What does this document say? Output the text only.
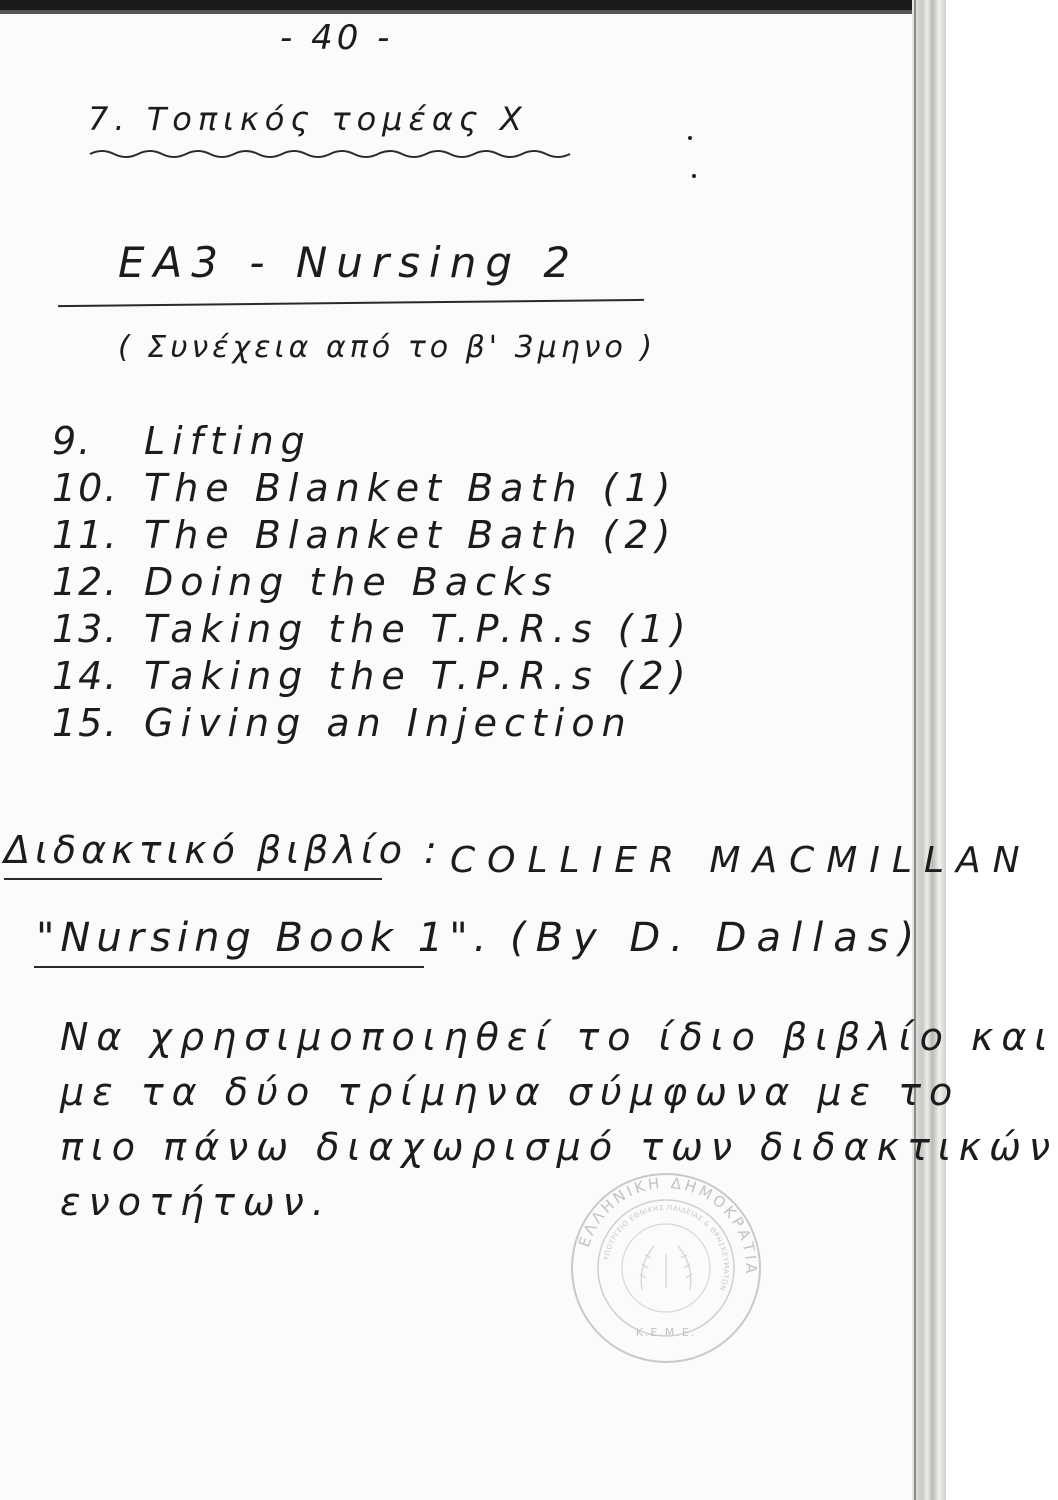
- 40 -
7. Τοπικός τομέας Χ
EA3 - Nursing 2
( Συνέχεια από το β' 3μηνο )
9. Lifting
10. The Blanket Bath (1)
11. The Blanket Bath (2)
12. Doing the Backs
13. Taking the T.P.R.s (1)
14. Taking the T.P.R.s (2)
15. Giving an Injection
Διδακτικό βιβλίο : COLLIER MACMILLAN
"Nursing Book 1". (By D. Dallas)
Να χρησιμοποιηθεί το ίδιο βιβλίο και
με τα δύο τρίμηνα σύμφωνα με το
πιο πάνω διαχωρισμό των διδακτικών
ενοτήτων.
ΕΛΛΗΝΙΚΗ ΔΗΜΟΚΡΑΤΙΑ
ΥΠΟΥΡΓΕΙΟ ΕΘΝΙΚΗΣ ΠΑΙΔΕΙΑΣ & ΘΡΗΣΚΕΥΜΑΤΩΝ
Κ.Ε.Μ.Ε.
